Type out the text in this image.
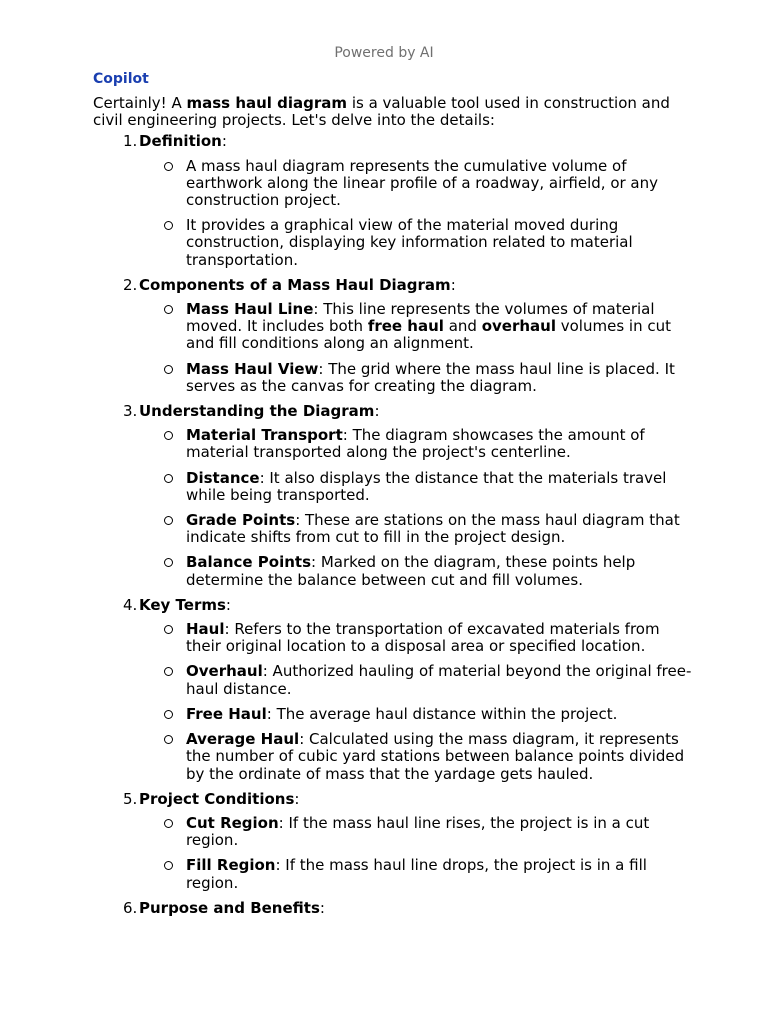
Powered by AI
Copilot

Certainly! A mass haul diagram is a valuable tool used in construction and civil engineering projects. Let's delve into the details:

1. Definition:
A mass haul diagram represents the cumulative volume of earthwork along the linear profile of a roadway, airfield, or any construction project.
It provides a graphical view of the material moved during construction, displaying key information related to material transportation.
2. Components of a Mass Haul Diagram:
Mass Haul Line: This line represents the volumes of material moved. It includes both free haul and overhaul volumes in cut and fill conditions along an alignment.
Mass Haul View: The grid where the mass haul line is placed. It serves as the canvas for creating the diagram.
3. Understanding the Diagram:
Material Transport: The diagram showcases the amount of material transported along the project's centerline.
Distance: It also displays the distance that the materials travel while being transported.
Grade Points: These are stations on the mass haul diagram that indicate shifts from cut to fill in the project design.
Balance Points: Marked on the diagram, these points help determine the balance between cut and fill volumes.
4. Key Terms:
Haul: Refers to the transportation of excavated materials from their original location to a disposal area or specified location.
Overhaul: Authorized hauling of material beyond the original free-haul distance.
Free Haul: The average haul distance within the project.
Average Haul: Calculated using the mass diagram, it represents the number of cubic yard stations between balance points divided by the ordinate of mass that the yardage gets hauled.
5. Project Conditions:
Cut Region: If the mass haul line rises, the project is in a cut region.
Fill Region: If the mass haul line drops, the project is in a fill region.
6. Purpose and Benefits:
